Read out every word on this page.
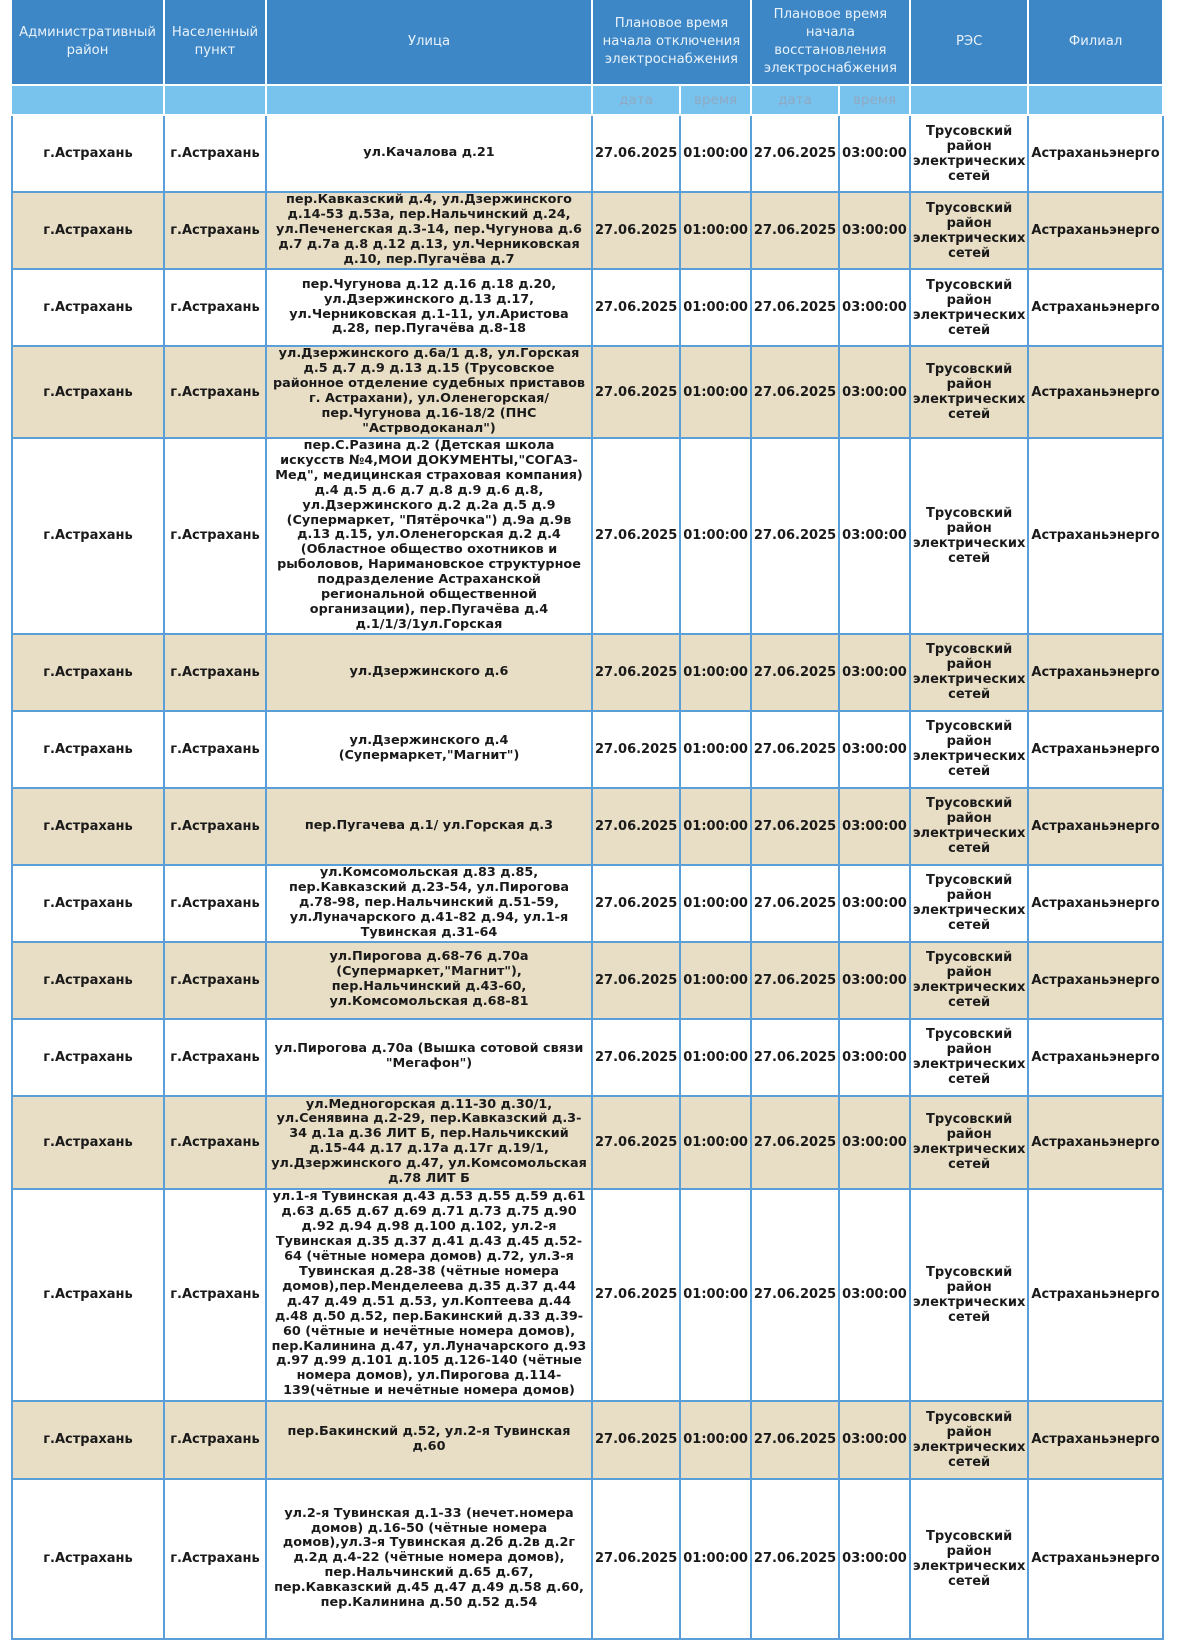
Административный район	Населенный пункт	Улица	Плановое время начала отключения электроснабжения		Плановое время начала восстановления электроснабжения		РЭС	Филиал
			дата	время	дата	время		
г.Астрахань	г.Астрахань	ул.Качалова д.21	27.06.2025	01:00:00	27.06.2025	03:00:00	Трусовский район электрических сетей	Астраханьэнерго
г.Астрахань	г.Астрахань	пер.Кавказский д.4, ул.Дзержинского д.14-53 д.53а, пер.Нальчинский д.24, ул.Печенегская д.3-14, пер.Чугунова д.6 д.7 д.7а д.8 д.12 д.13, ул.Черниковская д.10, пер.Пугачёва д.7	27.06.2025	01:00:00	27.06.2025	03:00:00	Трусовский район электрических сетей	Астраханьэнерго
г.Астрахань	г.Астрахань	пер.Чугунова д.12 д.16 д.18 д.20, ул.Дзержинского д.13 д.17, ул.Черниковская д.1-11, ул.Аристова д.28, пер.Пугачёва д.8-18	27.06.2025	01:00:00	27.06.2025	03:00:00	Трусовский район электрических сетей	Астраханьэнерго
г.Астрахань	г.Астрахань	ул.Дзержинского д.6а/1 д.8, ул.Горская д.5 д.7 д.9 д.13 д.15 (Трусовское районное отделение судебных приставов г. Астрахани), ул.Оленегорская/ пер.Чугунова д.16-18/2 (ПНС "Астрводоканал")	27.06.2025	01:00:00	27.06.2025	03:00:00	Трусовский район электрических сетей	Астраханьэнерго
г.Астрахань	г.Астрахань	пер.С.Разина д.2 (Детская школа искусств №4,МОИ ДОКУМЕНТЫ,"СОГАЗ-Мед", медицинская страховая компания) д.4 д.5 д.6 д.7 д.8 д.9 д.6 д.8, ул.Дзержинского д.2 д.2а д.5 д.9 (Супермаркет, "Пятёрочка") д.9а д.9в д.13 д.15, ул.Оленегорская д.2 д.4 (Областное общество охотников и рыболовов, Наримановское структурное подразделение Астраханской региональной общественной организации), пер.Пугачёва д.4 д.1/1/3/1ул.Горская	27.06.2025	01:00:00	27.06.2025	03:00:00	Трусовский район электрических сетей	Астраханьэнерго
г.Астрахань	г.Астрахань	ул.Дзержинского д.6	27.06.2025	01:00:00	27.06.2025	03:00:00	Трусовский район электрических сетей	Астраханьэнерго
г.Астрахань	г.Астрахань	ул.Дзержинского д.4 (Супермаркет,"Магнит")	27.06.2025	01:00:00	27.06.2025	03:00:00	Трусовский район электрических сетей	Астраханьэнерго
г.Астрахань	г.Астрахань	пер.Пугачева д.1/ ул.Горская д.3	27.06.2025	01:00:00	27.06.2025	03:00:00	Трусовский район электрических сетей	Астраханьэнерго
г.Астрахань	г.Астрахань	ул.Комсомольская д.83 д.85, пер.Кавказский д.23-54, ул.Пирогова д.78-98, пер.Нальчинский д.51-59, ул.Луначарского д.41-82 д.94, ул.1-я Тувинская д.31-64	27.06.2025	01:00:00	27.06.2025	03:00:00	Трусовский район электрических сетей	Астраханьэнерго
г.Астрахань	г.Астрахань	ул.Пирогова д.68-76 д.70а (Супермаркет,"Магнит"), пер.Нальчинский д.43-60, ул.Комсомольская д.68-81	27.06.2025	01:00:00	27.06.2025	03:00:00	Трусовский район электрических сетей	Астраханьэнерго
г.Астрахань	г.Астрахань	ул.Пирогова д.70а (Вышка сотовой связи "Мегафон")	27.06.2025	01:00:00	27.06.2025	03:00:00	Трусовский район электрических сетей	Астраханьэнерго
г.Астрахань	г.Астрахань	ул.Медногорская д.11-30 д.30/1, ул.Сенявина д.2-29, пер.Кавказский д.3-34 д.1а д.36 ЛИТ Б, пер.Нальчикский д.15-44 д.17 д.17а д.17г д.19/1, ул.Дзержинского д.47, ул.Комсомольская д.78 ЛИТ Б	27.06.2025	01:00:00	27.06.2025	03:00:00	Трусовский район электрических сетей	Астраханьэнерго
г.Астрахань	г.Астрахань	ул.1-я Тувинская д.43 д.53 д.55 д.59 д.61 д.63 д.65 д.67 д.69 д.71 д.73 д.75 д.90 д.92 д.94 д.98 д.100 д.102, ул.2-я Тувинская д.35 д.37 д.41 д.43 д.45 д.52-64 (чётные номера домов) д.72, ул.3-я Тувинская д.28-38 (чётные номера домов),пер.Менделеева д.35 д.37 д.44 д.47 д.49 д.51 д.53, ул.Коптеева д.44 д.48 д.50 д.52, пер.Бакинский д.33 д.39-60 (чётные и нечётные номера домов), пер.Калинина д.47, ул.Луначарского д.93 д.97 д.99 д.101 д.105 д.126-140 (чётные номера домов), ул.Пирогова д.114-139(чётные и нечётные номера домов)	27.06.2025	01:00:00	27.06.2025	03:00:00	Трусовский район электрических сетей	Астраханьэнерго
г.Астрахань	г.Астрахань	пер.Бакинский д.52, ул.2-я Тувинская д.60	27.06.2025	01:00:00	27.06.2025	03:00:00	Трусовский район электрических сетей	Астраханьэнерго
г.Астрахань	г.Астрахань	ул.2-я Тувинская д.1-33 (нечет.номера домов) д.16-50 (чётные номера домов),ул.3-я Тувинская д.2б д.2в д.2г д.2д д.4-22 (чётные номера домов), пер.Нальчинский д.65 д.67, пер.Кавказский д.45 д.47 д.49 д.58 д.60, пер.Калинина д.50 д.52 д.54	27.06.2025	01:00:00	27.06.2025	03:00:00	Трусовский район электрических сетей	Астраханьэнерго
